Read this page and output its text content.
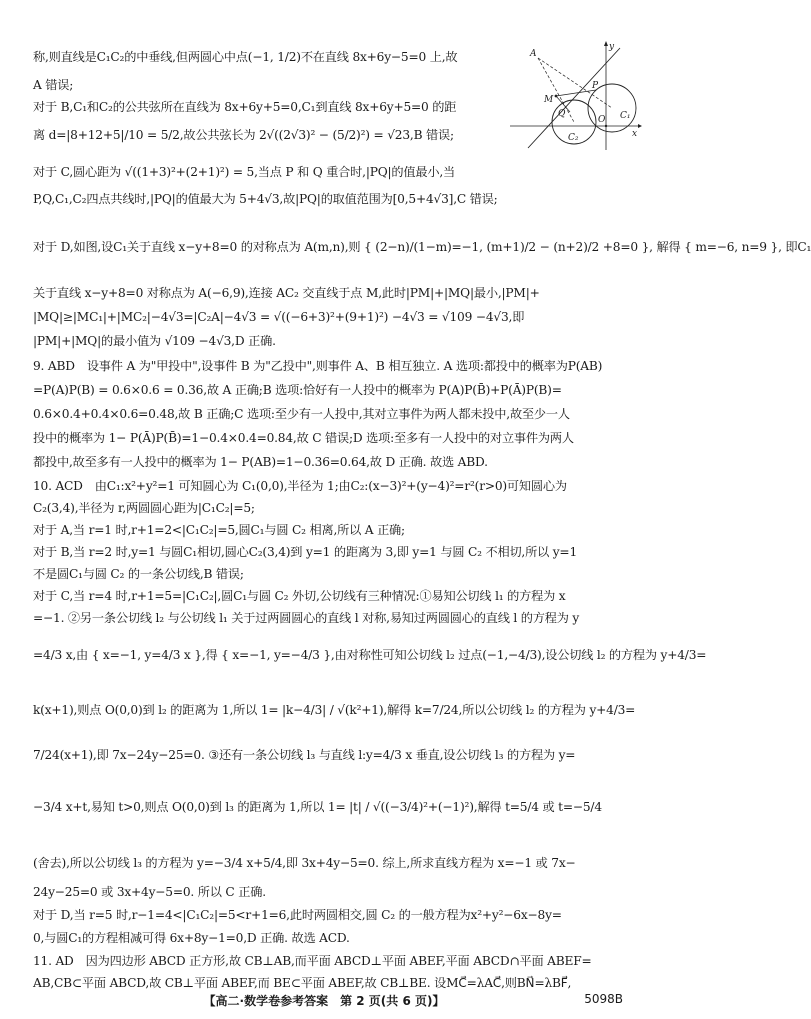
称,则直线是C₁C₂的中垂线,但两圆心中点(−1, 1/2)不在直线 8x+6y−5=0 上,故
A 错误;
对于 B,C₁和C₂的公共弦所在直线为 8x+6y+5=0,C₁到直线 8x+6y+5=0 的距
离 d=|8+12+5|/10 = 5/2,故公共弦长为 2√((2√3)² − (5/2)²) = √23,B 错误;
对于 C,圆心距为 √((1+3)²+(2+1)²) = 5,当点 P 和 Q 重合时,|PQ|的值最小,当
P,Q,C₁,C₂四点共线时,|PQ|的值最大为 5+4√3,故|PQ|的取值范围为[0,5+4√3],C 错误;
对于 D,如图,设C₁关于直线 x−y+8=0 的对称点为 A(m,n),则 { (2−n)/(1−m)=−1, (m+1)/2 − (n+2)/2 +8=0 }, 解得 { m=−6, n=9 }, 即C₁
关于直线 x−y+8=0 对称点为 A(−6,9),连接 AC₂ 交直线于点 M,此时|PM|+|MQ|最小,|PM|+
|MQ|≥|MC₁|+|MC₂|−4√3=|C₂A|−4√3 = √((−6+3)²+(9+1)²) −4√3 = √109 −4√3,即
|PM|+|MQ|的最小值为 √109 −4√3,D 正确.
9. ABD　设事件 A 为"甲投中",设事件 B 为"乙投中",则事件 A、B 相互独立. A 选项:都投中的概率为P(AB)
=P(A)P(B) = 0.6×0.6 = 0.36,故 A 正确;B 选项:恰好有一人投中的概率为 P(A)P(B̄)+P(Ā)P(B)=
0.6×0.4+0.4×0.6=0.48,故 B 正确;C 选项:至少有一人投中,其对立事件为两人都未投中,故至少一人
投中的概率为 1− P(Ā)P(B̄)=1−0.4×0.4=0.84,故 C 错误;D 选项:至多有一人投中的对立事件为两人
都投中,故至多有一人投中的概率为 1− P(AB)=1−0.36=0.64,故 D 正确. 故选 ABD.
10. ACD　由C₁:x²+y²=1 可知圆心为 C₁(0,0),半径为 1;由C₂:(x−3)²+(y−4)²=r²(r>0)可知圆心为
C₂(3,4),半径为 r,两圆圆心距为|C₁C₂|=5;
对于 A,当 r=1 时,r+1=2<|C₁C₂|=5,圆C₁与圆 C₂ 相离,所以 A 正确;
对于 B,当 r=2 时,y=1 与圆C₁相切,圆心C₂(3,4)到 y=1 的距离为 3,即 y=1 与圆 C₂ 不相切,所以 y=1
不是圆C₁与圆 C₂ 的一条公切线,B 错误;
对于 C,当 r=4 时,r+1=5=|C₁C₂|,圆C₁与圆 C₂ 外切,公切线有三种情况:①易知公切线 l₁ 的方程为 x
=−1. ②另一条公切线 l₂ 与公切线 l₁ 关于过两圆圆心的直线 l 对称,易知过两圆圆心的直线 l 的方程为 y
=4/3 x,由 { x=−1, y=4/3 x },得 { x=−1, y=−4/3 },由对称性可知公切线 l₂ 过点(−1,−4/3),设公切线 l₂ 的方程为 y+4/3=
k(x+1),则点 O(0,0)到 l₂ 的距离为 1,所以 1= |k−4/3| / √(k²+1),解得 k=7/24,所以公切线 l₂ 的方程为 y+4/3=
7/24(x+1),即 7x−24y−25=0. ③还有一条公切线 l₃ 与直线 l:y=4/3 x 垂直,设公切线 l₃ 的方程为 y=
−3/4 x+t,易知 t>0,则点 O(0,0)到 l₃ 的距离为 1,所以 1= |t| / √((−3/4)²+(−1)²),解得 t=5/4 或 t=−5/4
(舍去),所以公切线 l₃ 的方程为 y=−3/4 x+5/4,即 3x+4y−5=0. 综上,所求直线方程为 x=−1 或 7x−
24y−25=0 或 3x+4y−5=0. 所以 C 正确.
对于 D,当 r=5 时,r−1=4<|C₁C₂|=5<r+1=6,此时两圆相交,圆 C₂ 的一般方程为x²+y²−6x−8y=
0,与圆C₁的方程相减可得 6x+8y−1=0,D 正确. 故选 ACD.
11. AD　因为四边形 ABCD 正方形,故 CB⊥AB,而平面 ABCD⊥平面 ABEF,平面 ABCD∩平面 ABEF=
AB,CB⊂平面 ABCD,故 CB⊥平面 ABEF,而 BE⊂平面 ABEF,故 CB⊥BE. 设MC⃗=λAC⃗,则BN⃗=λBF⃗,
A
y
M
P
Q
O C₁
C₂	x
【高二·数学卷参考答案　第 2 页(共 6 页)】	5098B
